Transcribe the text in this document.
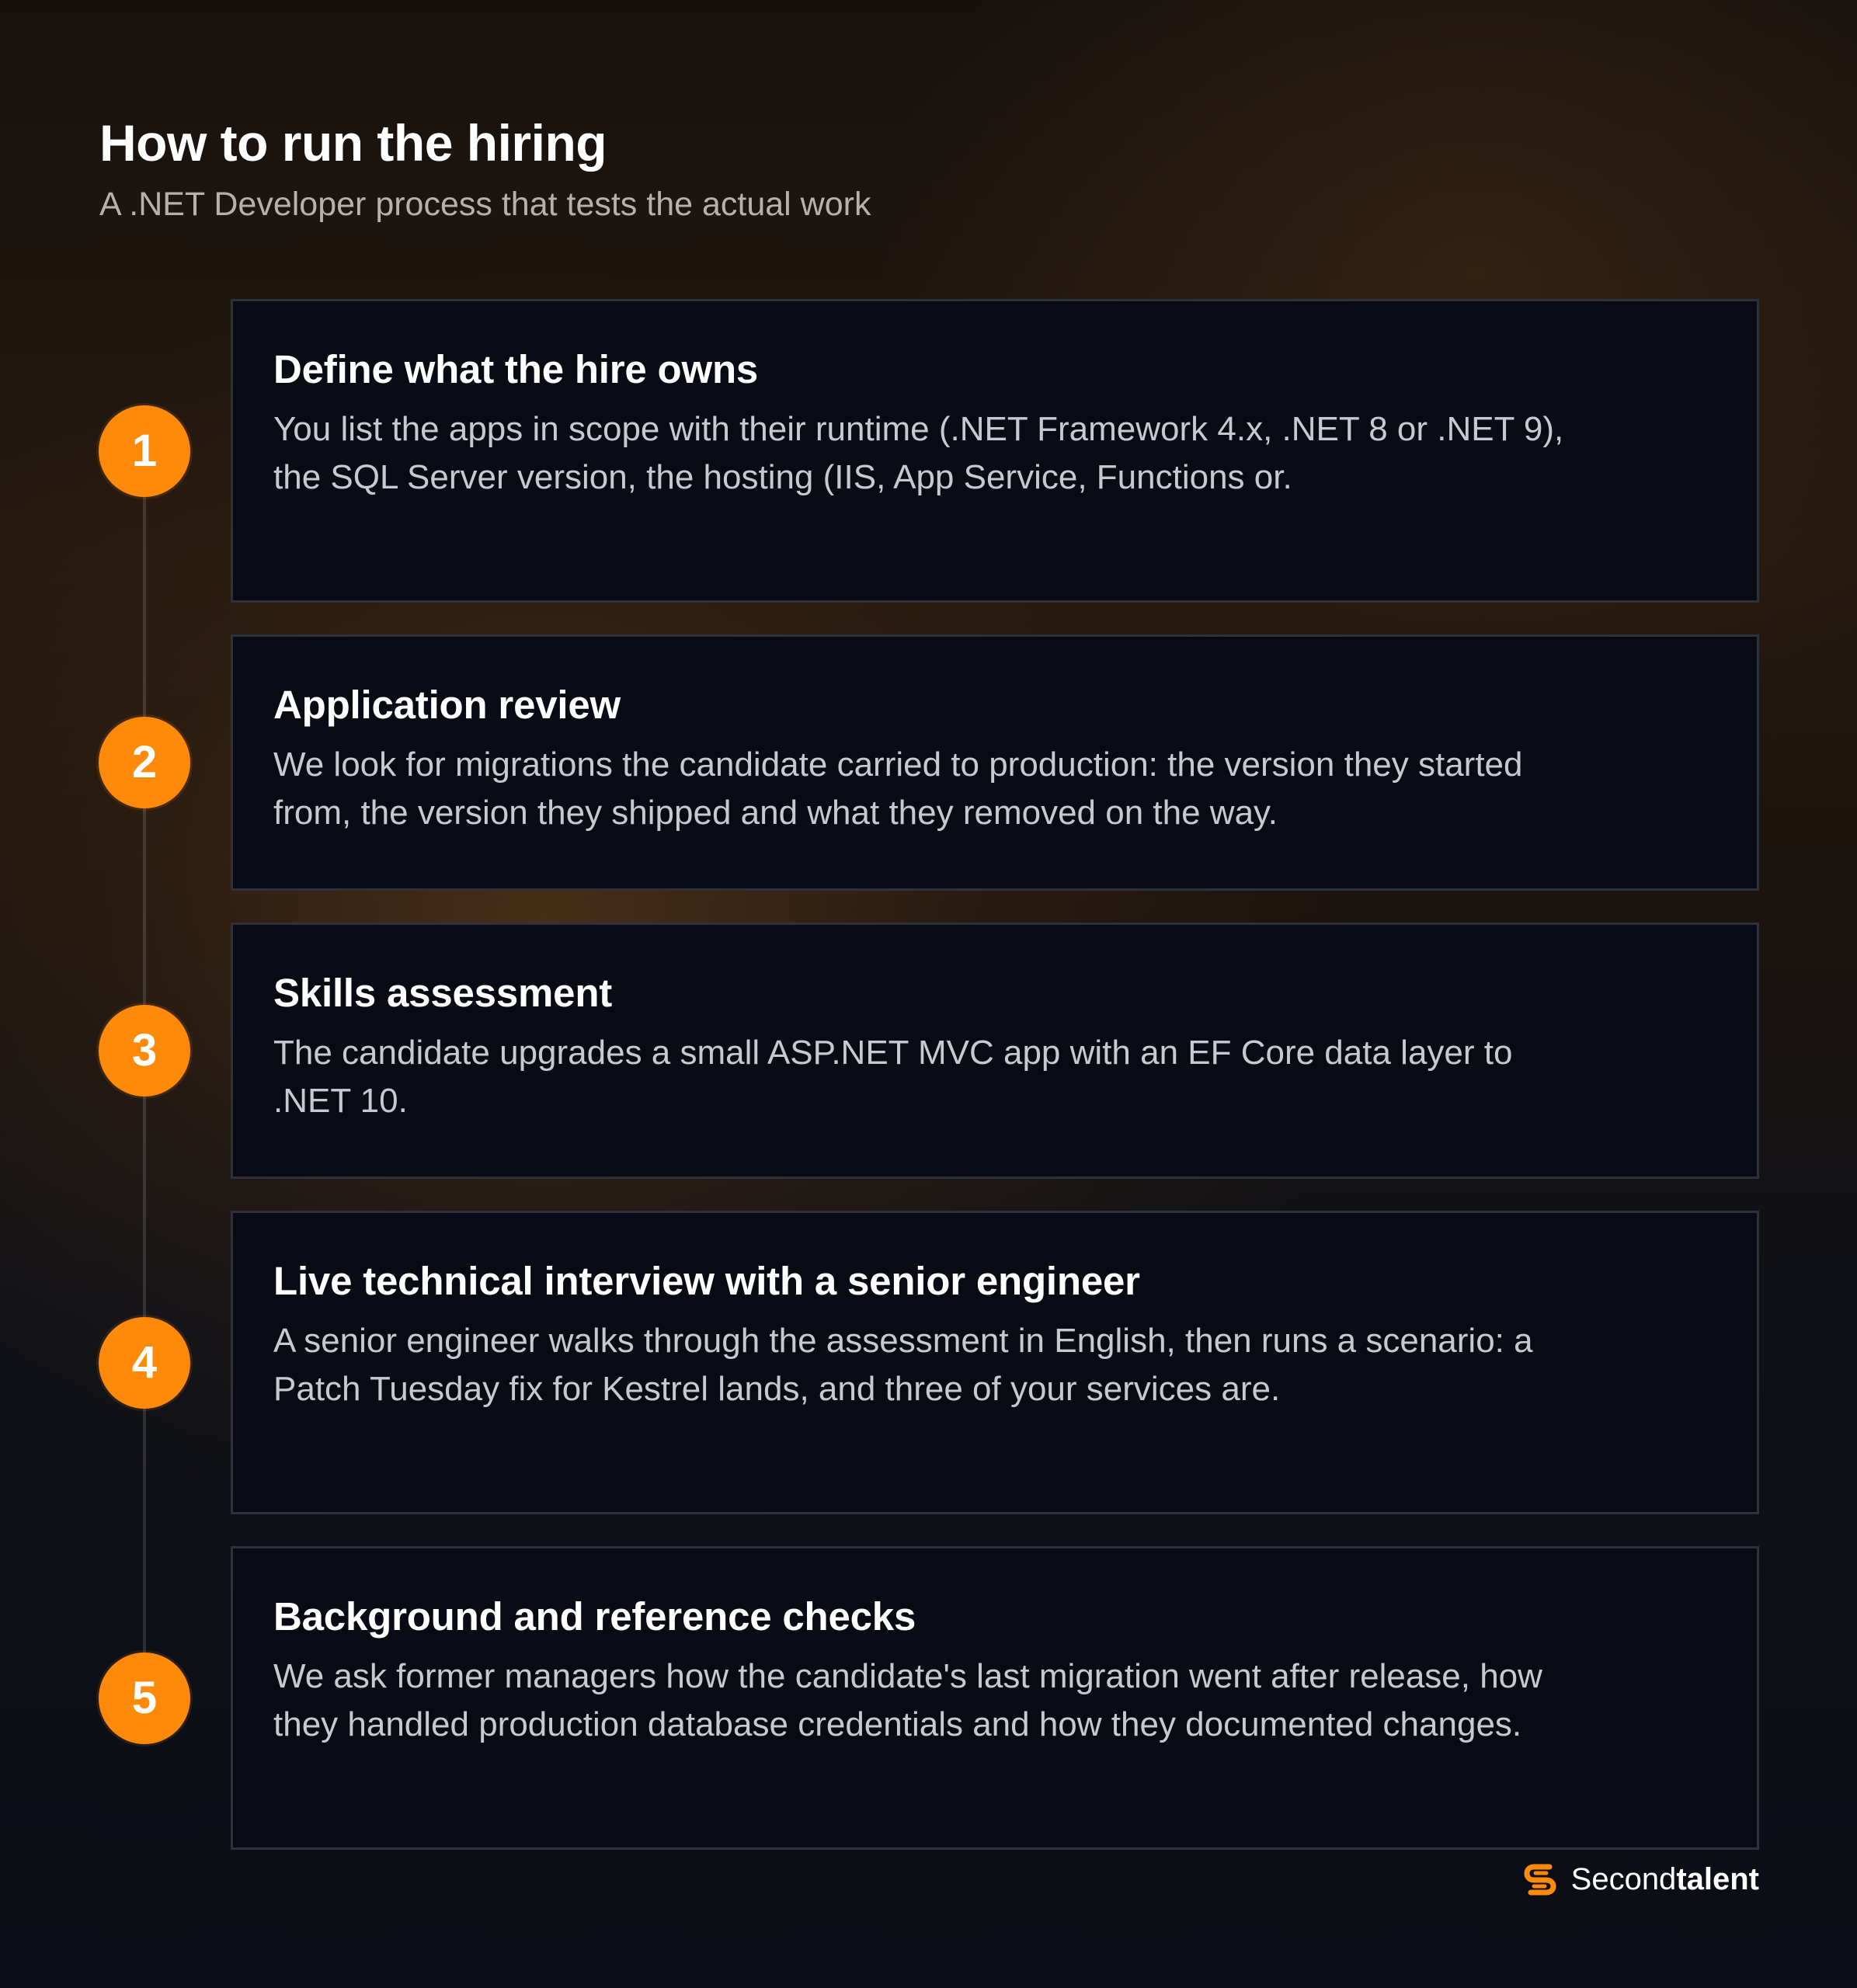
How to run the hiring

A .NET Developer process that tests the actual work

Define what the hire owns

You list the apps in scope with their runtime (.NET Framework 4.x, .NET 8 or .NET 9), the SQL Server version, the hosting (IIS, App Service, Functions or.

1
Application review

We look for migrations the candidate carried to production: the version they started from, the version they shipped and what they removed on the way.

2
Skills assessment

The candidate upgrades a small ASP.NET MVC app with an EF Core data layer to .NET 10.

3
Live technical interview with a senior engineer

A senior engineer walks through the assessment in English, then runs a scenario: a Patch Tuesday fix for Kestrel lands, and three of your services are.

4
Background and reference checks

We ask former managers how the candidate's last migration went after release, how they handled production database credentials and how they documented changes.

5
Secondtalent
